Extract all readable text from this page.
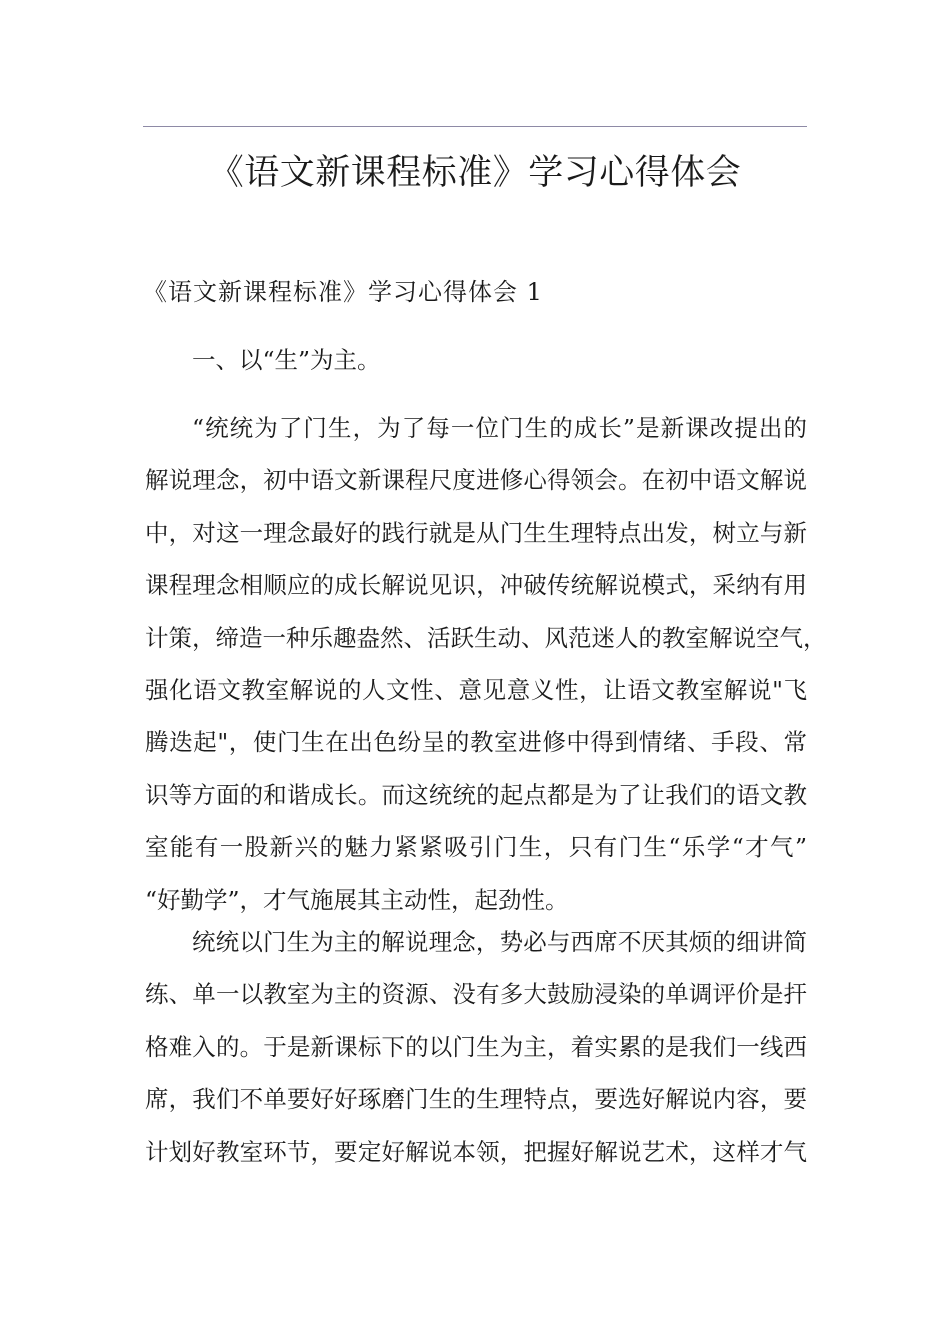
《语文新课程标准》学习心得体会
《语文新课程标准》学习心得体会 1
一、以“生”为主。
“统统为了门生，为了每一位门生的成长”是新课改提出的
解说理念，初中语文新课程尺度进修心得领会。在初中语文解说
中，对这一理念最好的践行就是从门生生理特点出发，树立与新
课程理念相顺应的成长解说见识，冲破传统解说模式，采纳有用
计策，缔造一种乐趣盎然、活跃生动、风范迷人的教室解说空气，
强化语文教室解说的人文性、意见意义性，让语文教室解说"飞
腾迭起"，使门生在出色纷呈的教室进修中得到情绪、手段、常
识等方面的和谐成长。而这统统的起点都是为了让我们的语文教
室能有一股新兴的魅力紧紧吸引门生，只有门生“乐学“才气”
“好勤学”，才气施展其主动性，起劲性。
统统以门生为主的解说理念，势必与西席不厌其烦的细讲简
练、单一以教室为主的资源、没有多大鼓励浸染的单调评价是扞
格难入的。于是新课标下的以门生为主，着实累的是我们一线西
席，我们不单要好好琢磨门生的生理特点，要选好解说内容，要
计划好教室环节，要定好解说本领，把握好解说艺术，这样才气
